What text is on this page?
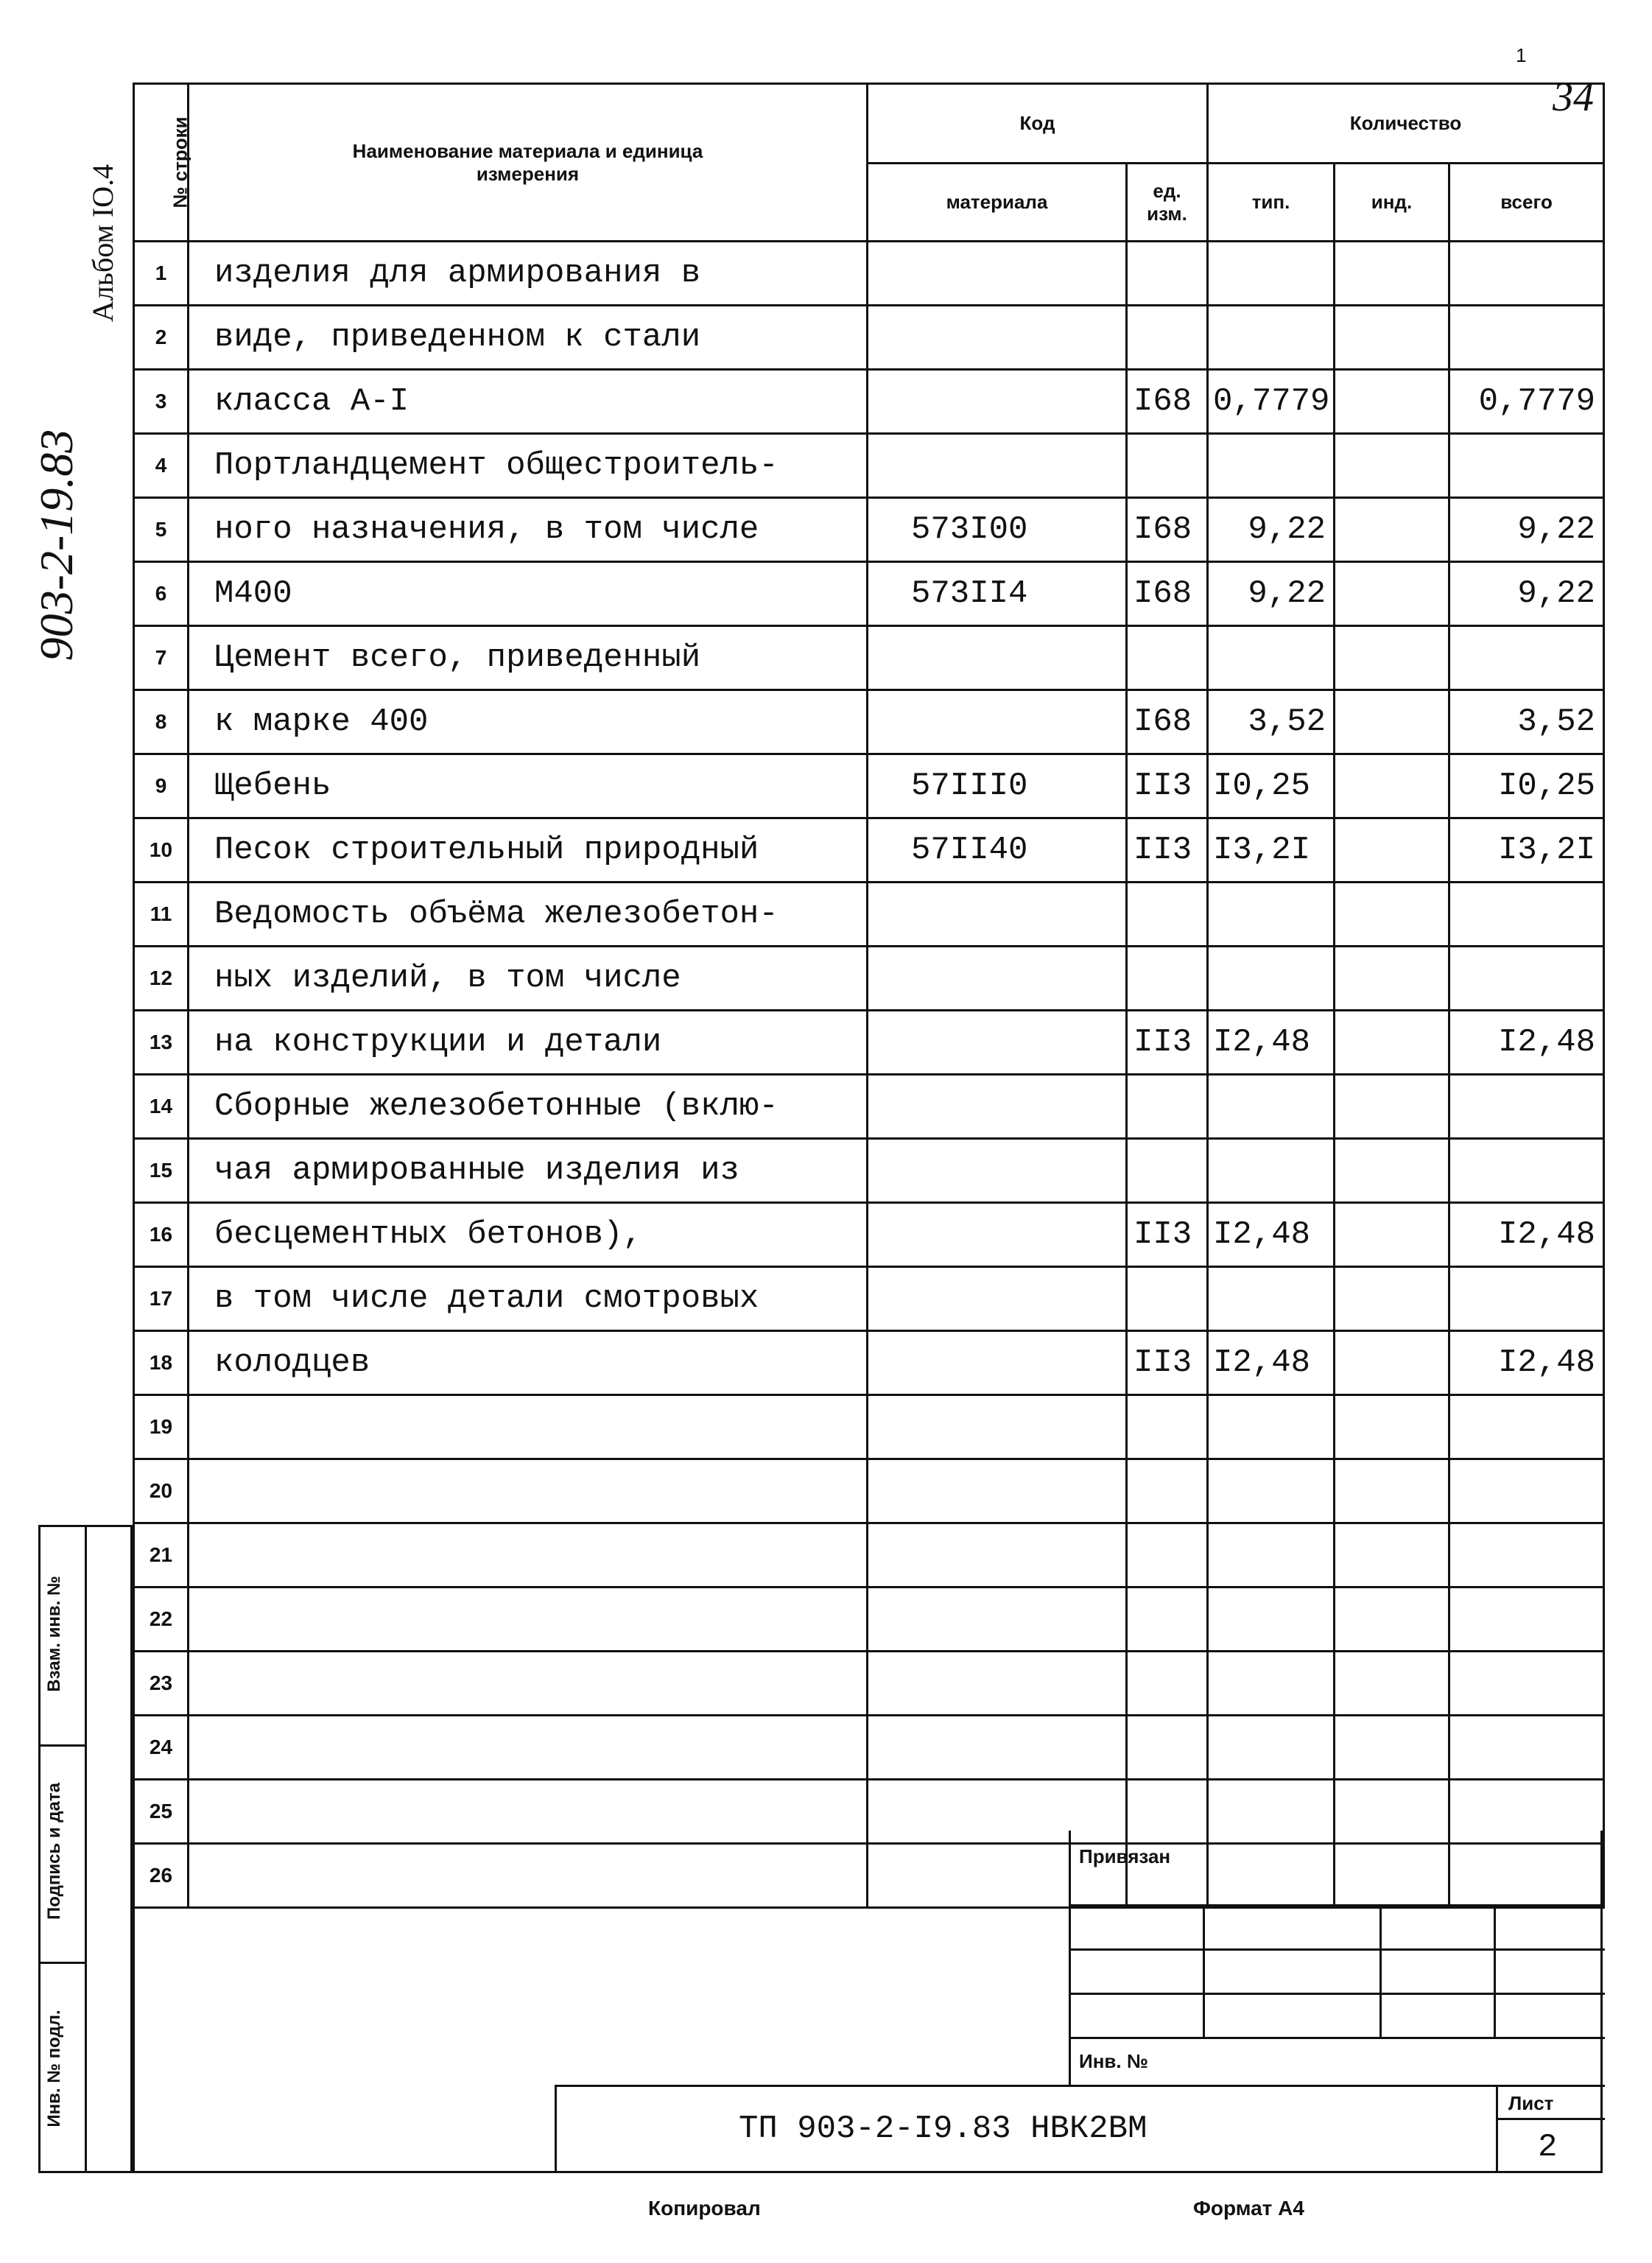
1
34
Альбом IO.4
903-2-19.83
№ строки	Наименование материала и единица измерения	Код		Количество		
		материала	ед. изм.	тип.	инд.	всего
1	изделия для армирования в					
2	виде, приведенном к стали					
3	класса A-I		I68	0,7779		0,7779
4	Портландцемент общестроитель-					
5	ного назначения, в том числе	573I00	I68	9,22		9,22
6	М400	573II4	I68	9,22		9,22
7	Цемент всего, приведенный					
8	к марке 400		I68	3,52		3,52
9	Щебень	57III0	II3	I0,25		I0,25
10	Песок строительный природный	57II40	II3	I3,2I		I3,2I
11	Ведомость объёма железобетон-					
12	ных изделий, в том числе					
13	на конструкции и детали		II3	I2,48		I2,48
14	Сборные железобетонные (вклю-					
15	чая армированные изделия из					
16	бесцементных бетонов),		II3	I2,48		I2,48
17	в том числе детали смотровых					
18	колодцев		II3	I2,48		I2,48
19						
20						
21						
22						
23						
24						
25						
26						
Взам. инв. №
Подпись и дата
Инв. № подл.
Привязан
Инв. №
ТП 903-2-I9.83 НВК2ВМ
Лист
2
Копировал	Формат А4
